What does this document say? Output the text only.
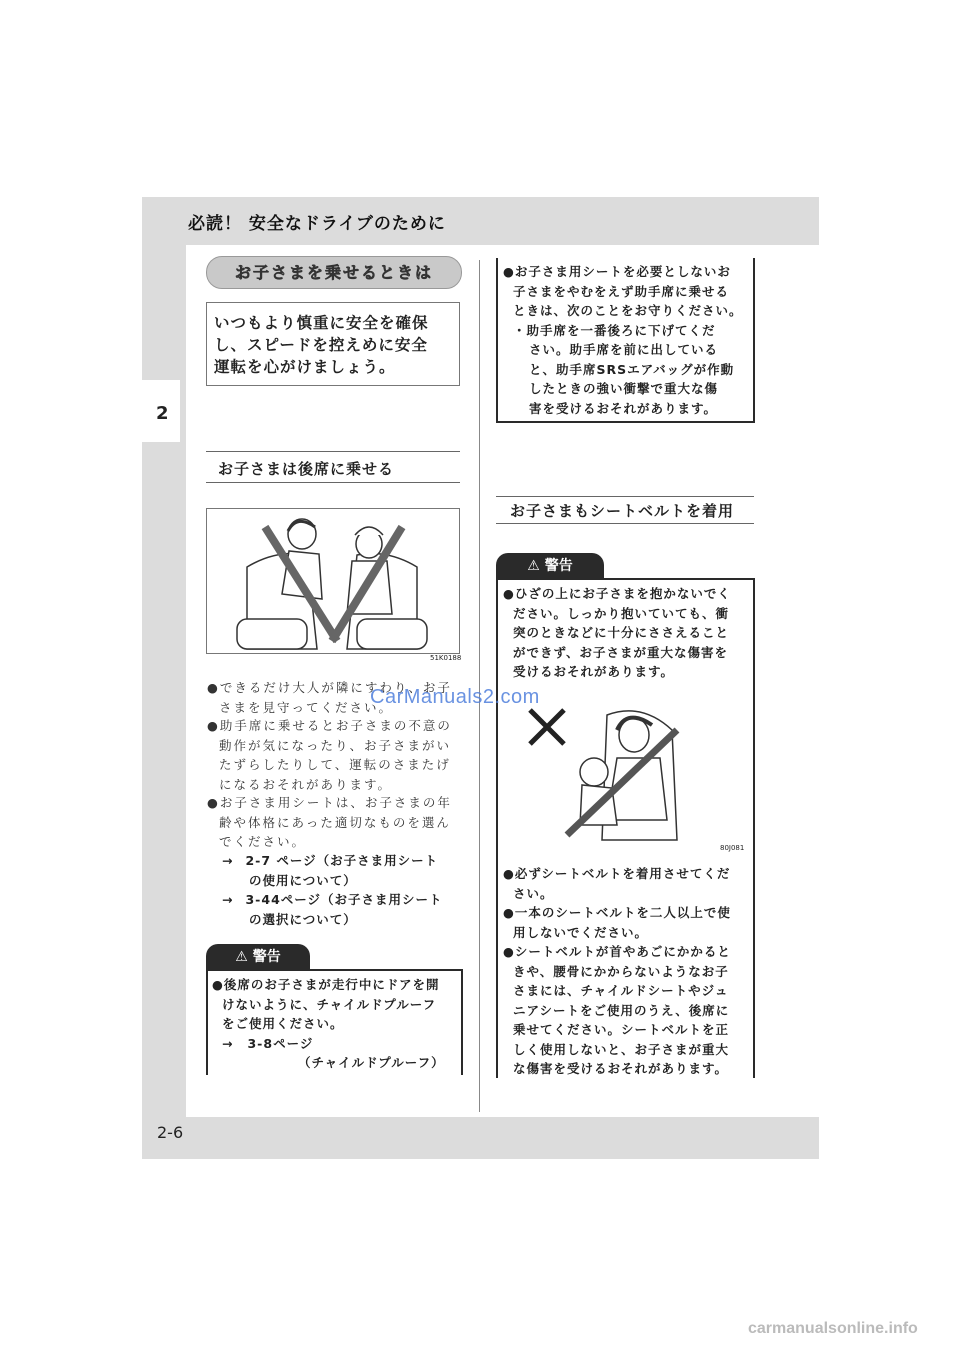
必読！ 安全なドライブのために
2
2-6
お子さまを乗せるときは
いつもより慎重に安全を確保
し、スピードを控えめに安全
運転を心がけましょう。
お子さまは後席に乗せる
51K0188
●できるだけ大人が隣にすわり、お子
さまを見守ってください。
●助手席に乗せるとお子さまの不意の
動作が気になったり、お子さまがい
たずらしたりして、運転のさまたげ
になるおそれがあります。
●お子さま用シートは、お子さまの年
齢や体格にあった適切なものを選ん
でください。
→ 2-7 ページ（お子さま用シート
の使用について）
→ 3-44ページ（お子さま用シート
の選択について）
⚠ 警告
●後席のお子さまが走行中にドアを開
けないように、チャイルドプルーフ
をご使用ください。
→ 3-8ページ
（チャイルドプルーフ）
●お子さま用シートを必要としないお
子さまをやむをえず助手席に乗せる
ときは、次のことをお守りください。
・助手席を一番後ろに下げてくだ
さい。助手席を前に出している
と、助手席SRSエアバッグが作動
したときの強い衝撃で重大な傷
害を受けるおそれがあります。
お子さまもシートベルトを着用
⚠ 警告
●ひざの上にお子さまを抱かないでく
ださい。しっかり抱いていても、衝
突のときなどに十分にささえること
ができず、お子さまが重大な傷害を
受けるおそれがあります。
80J081
●必ずシートベルトを着用させてくだ
さい。
●一本のシートベルトを二人以上で使
用しないでください。
●シートベルトが首やあごにかかると
きや、腰骨にかからないようなお子
さまには、チャイルドシートやジュ
ニアシートをご使用のうえ、後席に
乗せてください。シートベルトを正
しく使用しないと、お子さまが重大
な傷害を受けるおそれがあります。
CarManuals2.com
carmanualsonline.info
